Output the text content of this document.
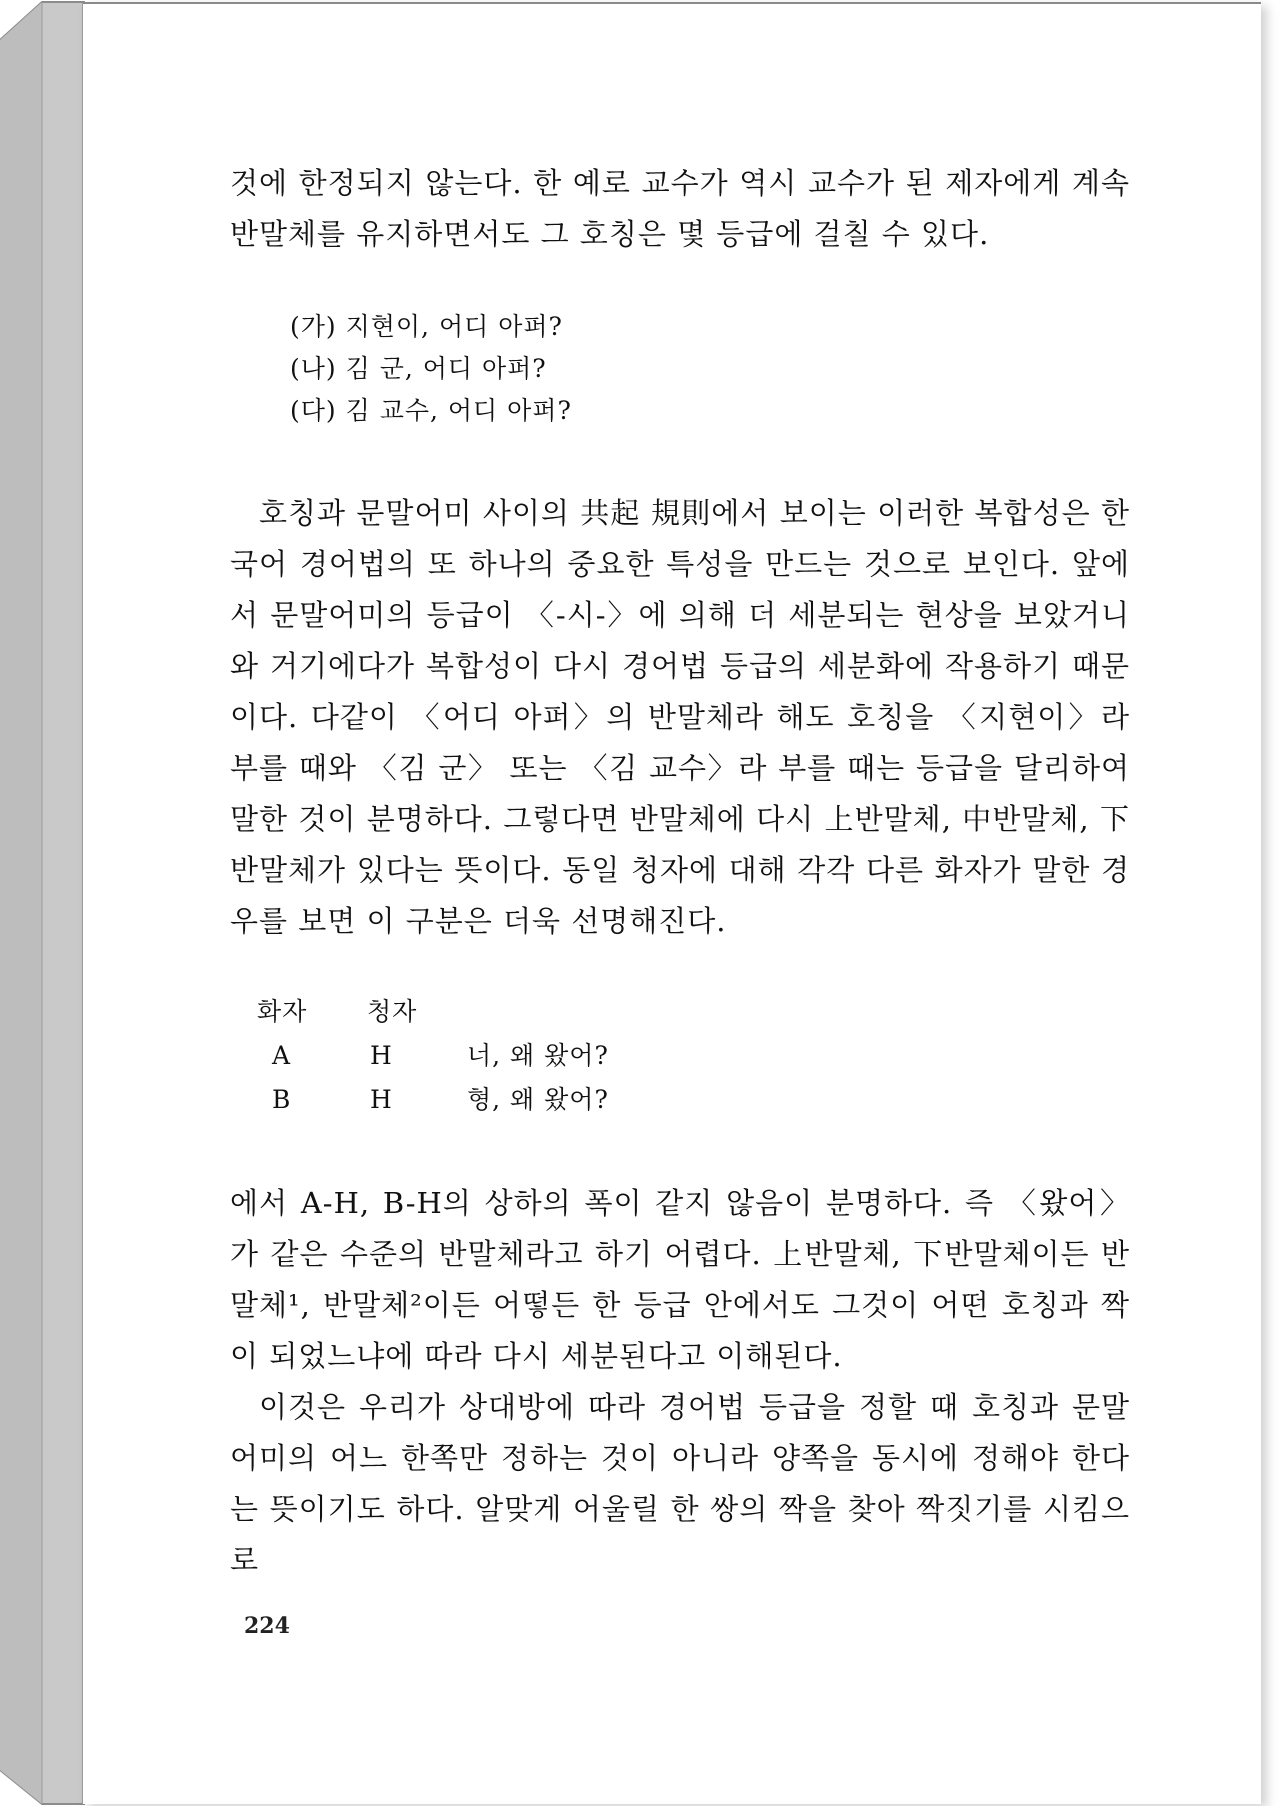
것에 한정되지 않는다. 한 예로 교수가 역시 교수가 된 제자에게 계속 반말체를 유지하면서도 그 호칭은 몇 등급에 걸칠 수 있다.

(가) 지현이, 어디 아퍼?

(나) 김 군, 어디 아퍼?

(다) 김 교수, 어디 아퍼?

호칭과 문말어미 사이의 共起 規則에서 보이는 이러한 복합성은 한국어 경어법의 또 하나의 중요한 특성을 만드는 것으로 보인다. 앞에서 문말어미의 등급이 〈-시-〉에 의해 더 세분되는 현상을 보았거니와 거기에다가 복합성이 다시 경어법 등급의 세분화에 작용하기 때문이다. 다같이 〈어디 아퍼〉의 반말체라 해도 호칭을 〈지현이〉라 부를 때와 〈김 군〉 또는 〈김 교수〉라 부를 때는 등급을 달리하여 말한 것이 분명하다. 그렇다면 반말체에 다시 上반말체, 中반말체, 下반말체가 있다는 뜻이다. 동일 청자에 대해 각각 다른 화자가 말한 경우를 보면 이 구분은 더욱 선명해진다.

화자	청자
A	H	너, 왜 왔어?
B	H	형, 왜 왔어?

에서 A-H, B-H의 상하의 폭이 같지 않음이 분명하다. 즉 〈왔어〉가 같은 수준의 반말체라고 하기 어렵다. 上반말체, 下반말체이든 반말체¹, 반말체²이든 어떻든 한 등급 안에서도 그것이 어떤 호칭과 짝이 되었느냐에 따라 다시 세분된다고 이해된다.

이것은 우리가 상대방에 따라 경어법 등급을 정할 때 호칭과 문말어미의 어느 한쪽만 정하는 것이 아니라 양쪽을 동시에 정해야 한다는 뜻이기도 하다. 알맞게 어울릴 한 쌍의 짝을 찾아 짝짓기를 시킴으로

224
